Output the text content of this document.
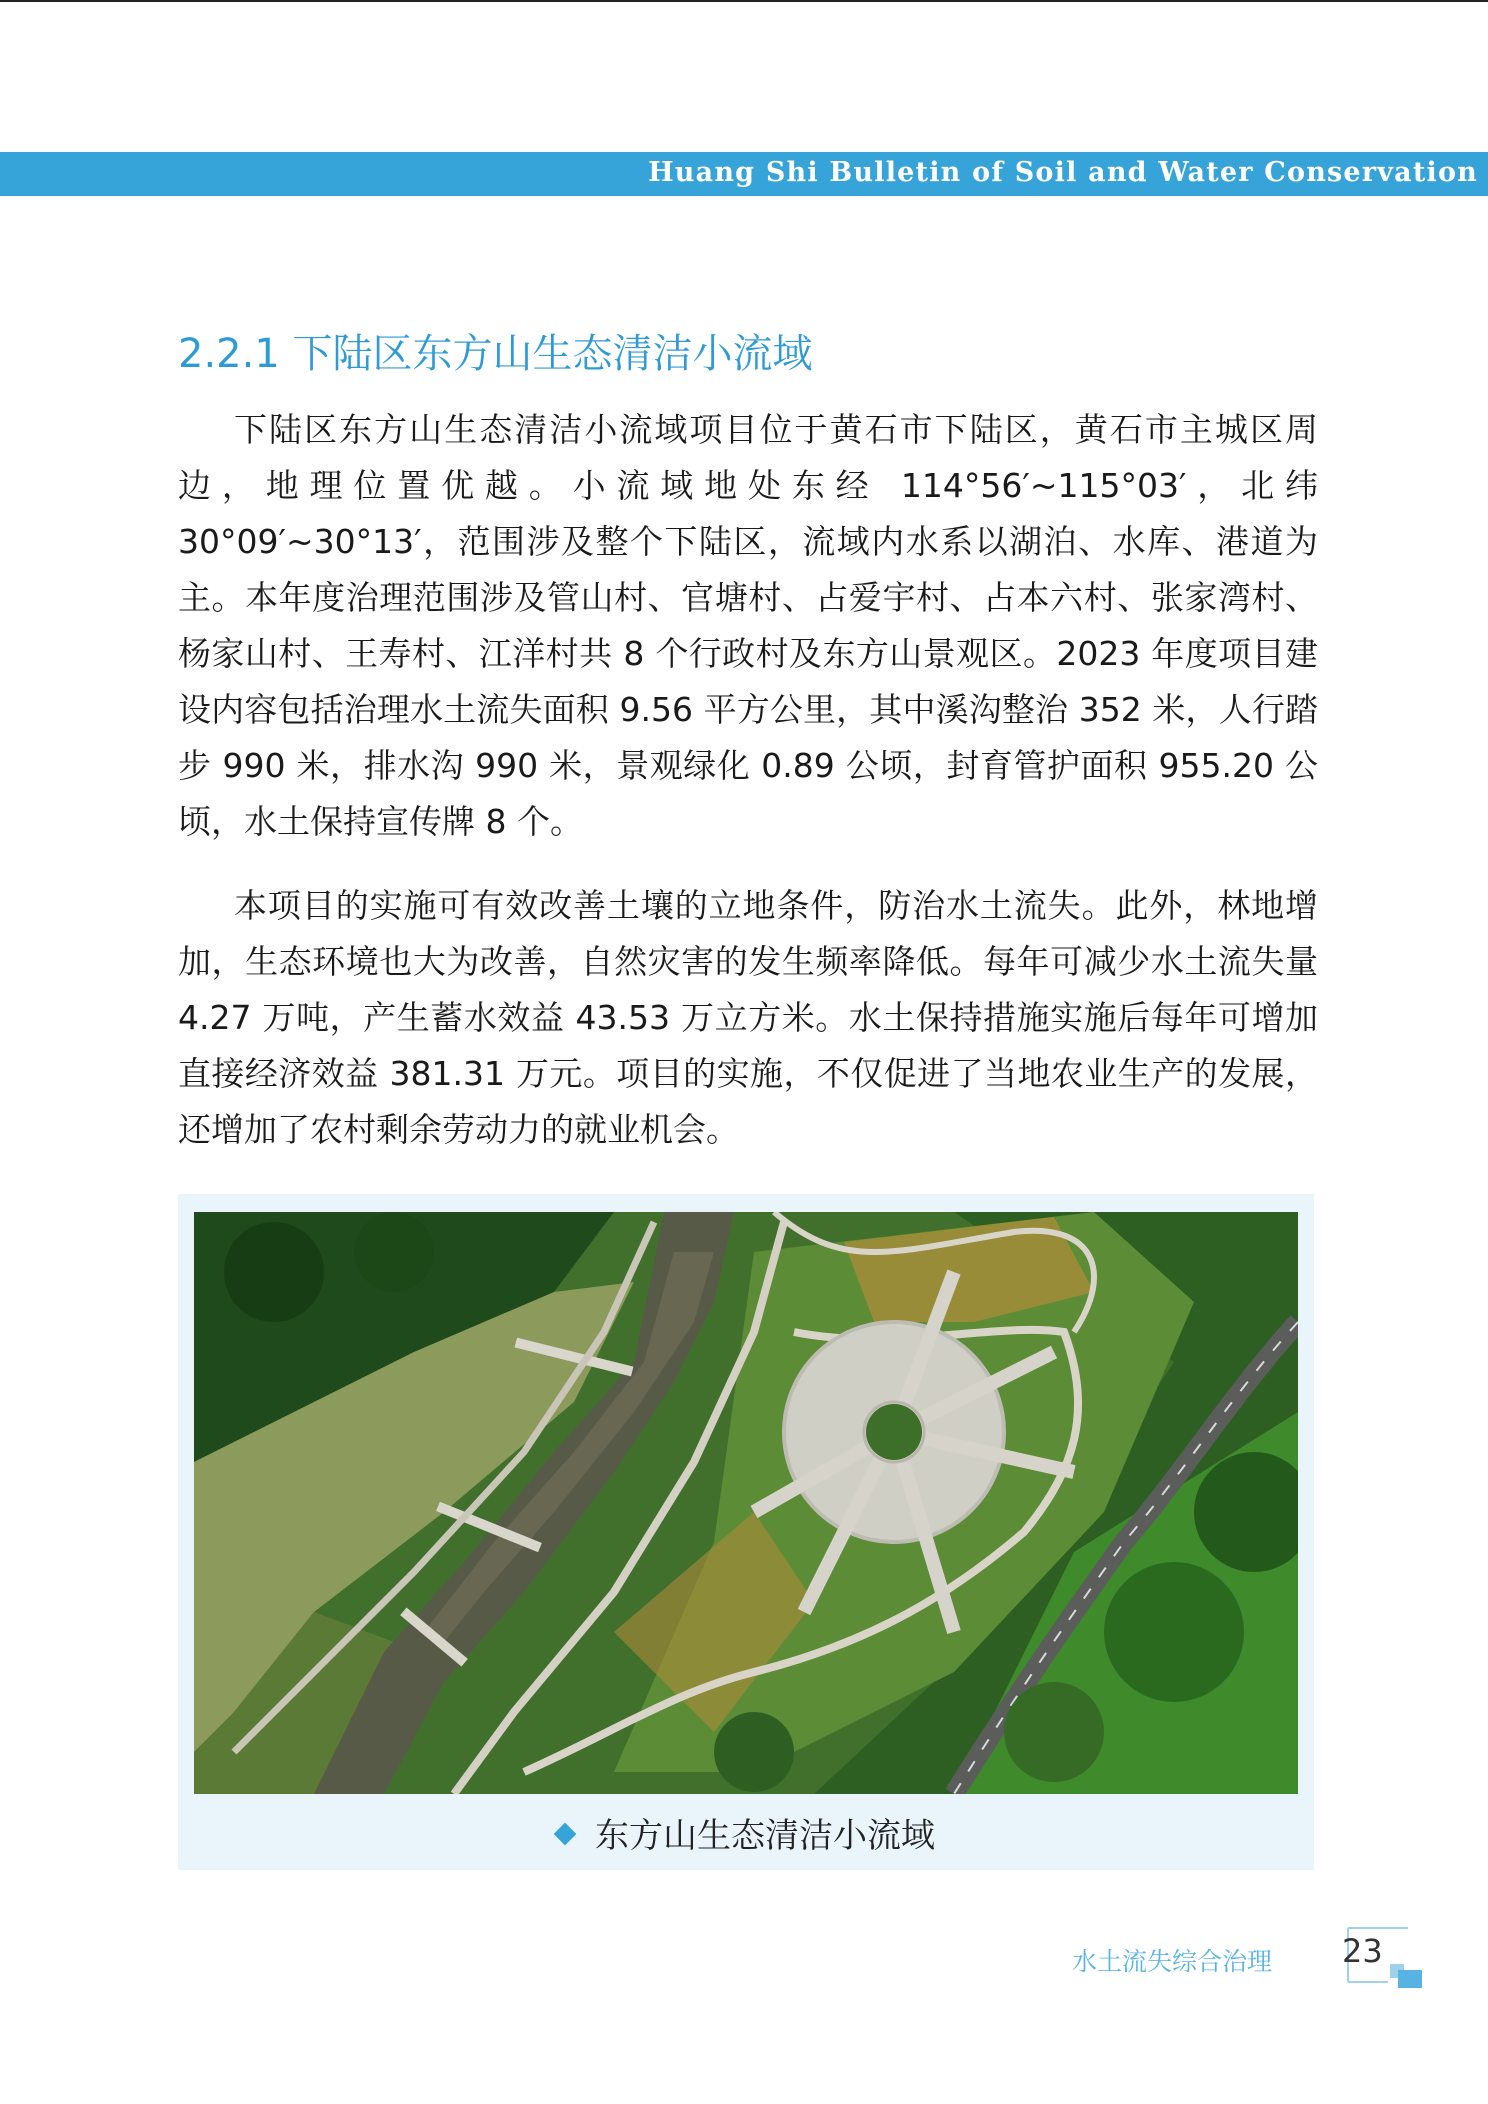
Huang Shi Bulletin of Soil and Water Conservation
2.2.1 下陆区东方山生态清洁小流域

下陆区东方山生态清洁小流域项目位于黄石市下陆区，黄石市主城区周边，地理位置优越。小流域地处东经 114°56′~115°03′，北纬 30°09′~30°13′，范围涉及整个下陆区，流域内水系以湖泊、水库、港道为主。本年度治理范围涉及管山村、官塘村、占爱宇村、占本六村、张家湾村、杨家山村、王寿村、江洋村共 8 个行政村及东方山景观区。2023 年度项目建设内容包括治理水土流失面积 9.56 平方公里，其中溪沟整治 352 米，人行踏步 990 米，排水沟 990 米，景观绿化 0.89 公顷，封育管护面积 955.20 公顷，水土保持宣传牌 8 个。

本项目的实施可有效改善土壤的立地条件，防治水土流失。此外，林地增加，生态环境也大为改善，自然灾害的发生频率降低。每年可减少水土流失量 4.27 万吨，产生蓄水效益 43.53 万立方米。水土保持措施实施后每年可增加直接经济效益 381.31 万元。项目的实施，不仅促进了当地农业生产的发展，还增加了农村剩余劳动力的就业机会。

东方山生态清洁小流域
水土流失综合治理 23
